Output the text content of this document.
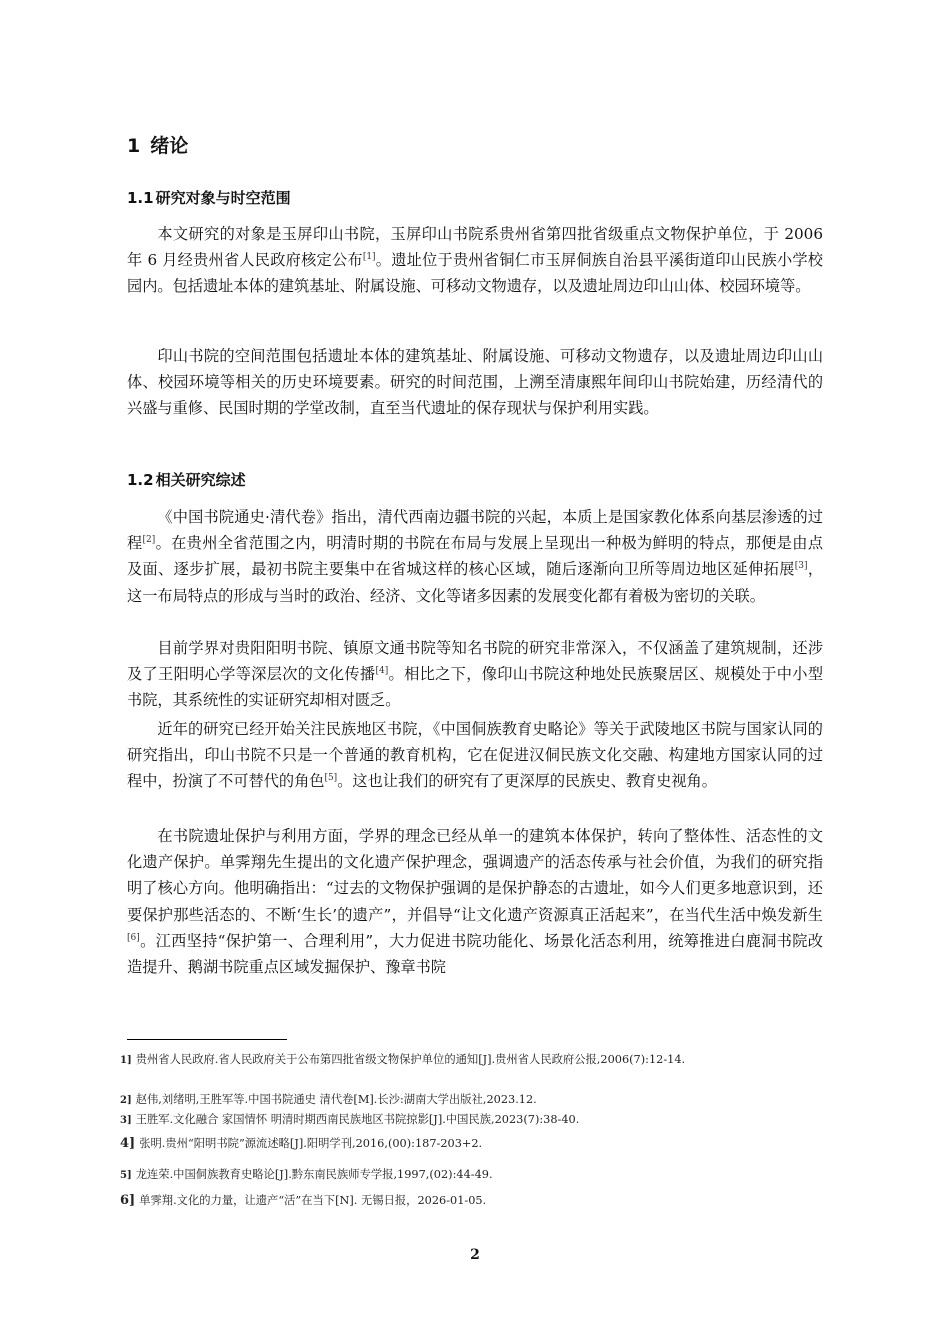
1 绪论
1.1 研究对象与时空范围

本文研究的对象是玉屏印山书院，玉屏印山书院系贵州省第四批省级重点文物保护单位，于 2006 年 6 月经贵州省人民政府核定公布[1]。遗址位于贵州省铜仁市玉屏侗族自治县平溪街道印山民族小学校园内。包括遗址本体的建筑基址、附属设施、可移动文物遗存，以及遗址周边印山山体、校园环境等。

印山书院的空间范围包括遗址本体的建筑基址、附属设施、可移动文物遗存，以及遗址周边印山山体、校园环境等相关的历史环境要素。研究的时间范围，上溯至清康熙年间印山书院始建，历经清代的兴盛与重修、民国时期的学堂改制，直至当代遗址的保存现状与保护利用实践。

1.2 相关研究综述

《中国书院通史·清代卷》指出，清代西南边疆书院的兴起，本质上是国家教化体系向基层渗透的过程[2]。在贵州全省范围之内，明清时期的书院在布局与发展上呈现出一种极为鲜明的特点，那便是由点及面、逐步扩展，最初书院主要集中在省城这样的核心区域，随后逐渐向卫所等周边地区延伸拓展[3]，这一布局特点的形成与当时的政治、经济、文化等诸多因素的发展变化都有着极为密切的关联。

目前学界对贵阳阳明书院、镇原文通书院等知名书院的研究非常深入，不仅涵盖了建筑规制，还涉及了王阳明心学等深层次的文化传播[4]。相比之下，像印山书院这种地处民族聚居区、规模处于中小型书院，其系统性的实证研究却相对匮乏。

近年的研究已经开始关注民族地区书院，《中国侗族教育史略论》等关于武陵地区书院与国家认同的研究指出，印山书院不只是一个普通的教育机构，它在促进汉侗民族文化交融、构建地方国家认同的过程中，扮演了不可替代的角色[5]。这也让我们的研究有了更深厚的民族史、教育史视角。

在书院遗址保护与利用方面，学界的理念已经从单一的建筑本体保护，转向了整体性、活态性的文化遗产保护。单霁翔先生提出的文化遗产保护理念，强调遗产的活态传承与社会价值，为我们的研究指明了核心方向。他明确指出：“过去的文物保护强调的是保护静态的古遗址，如今人们更多地意识到，还要保护那些活态的、不断‘生长’的遗产”，并倡导“让文化遗产资源真正活起来”，在当代生活中焕发新生[6]。江西坚持“保护第一、合理利用”，大力促进书院功能化、场景化活态利用，统筹推进白鹿洞书院改造提升、鹅湖书院重点区域发掘保护、豫章书院

1] 贵州省人民政府.省人民政府关于公布第四批省级文物保护单位的通知[J].贵州省人民政府公报,2006(7):12-14.

2] 赵伟,刘绪明,王胜军等.中国书院通史 清代卷[M].长沙:湖南大学出版社,2023.12.

3] 王胜军.文化融合 家国情怀 明清时期西南民族地区书院掠影[J].中国民族,2023(7):38-40.

4] 张明.贵州“阳明书院”源流述略[J].阳明学刊,2016,(00):187-203+2.

5] 龙连荣.中国侗族教育史略论[J].黔东南民族师专学报,1997,(02):44-49.

6] 单霁翔.文化的力量，让遗产“活”在当下[N]. 无锡日报，2026-01-05.

2
